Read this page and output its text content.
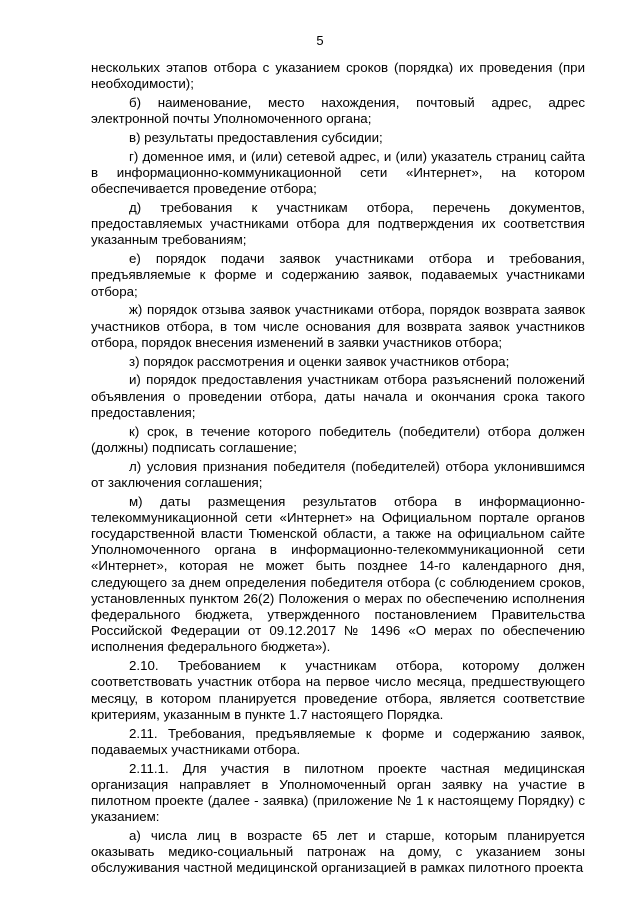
5

нескольких этапов отбора с указанием сроков (порядка) их проведения (при необходимости);

б) наименование, место нахождения, почтовый адрес, адрес электронной почты Уполномоченного органа;

в) результаты предоставления субсидии;

г) доменное имя, и (или) сетевой адрес, и (или) указатель страниц сайта в информационно-коммуникационной сети «Интернет», на котором обеспечивается проведение отбора;

д) требования к участникам отбора, перечень документов, предоставляемых участниками отбора для подтверждения их соответствия указанным требованиям;

е) порядок подачи заявок участниками отбора и требования, предъявляемые к форме и содержанию заявок, подаваемых участниками отбора;

ж) порядок отзыва заявок участниками отбора, порядок возврата заявок участников отбора, в том числе основания для возврата заявок участников отбора, порядок внесения изменений в заявки участников отбора;

з) порядок рассмотрения и оценки заявок участников отбора;

и) порядок предоставления участникам отбора разъяснений положений объявления о проведении отбора, даты начала и окончания срока такого предоставления;

к) срок, в течение которого победитель (победители) отбора должен (должны) подписать соглашение;

л) условия признания победителя (победителей) отбора уклонившимся от заключения соглашения;

м) даты размещения результатов отбора в информационно-телекоммуникационной сети «Интернет» на Официальном портале органов государственной власти Тюменской области, а также на официальном сайте Уполномоченного органа в информационно-телекоммуникационной сети «Интернет», которая не может быть позднее 14-го календарного дня, следующего за днем определения победителя отбора (с соблюдением сроков, установленных пунктом 26(2) Положения о мерах по обеспечению исполнения федерального бюджета, утвержденного постановлением Правительства Российской Федерации от 09.12.2017 № 1496 «О мерах по обеспечению исполнения федерального бюджета»).

2.10. Требованием к участникам отбора, которому должен соответствовать участник отбора на первое число месяца, предшествующего месяцу, в котором планируется проведение отбора, является соответствие критериям, указанным в пункте 1.7 настоящего Порядка.

2.11. Требования, предъявляемые к форме и содержанию заявок, подаваемых участниками отбора.

2.11.1. Для участия в пилотном проекте частная медицинская организация направляет в Уполномоченный орган заявку на участие в пилотном проекте (далее - заявка) (приложение № 1 к настоящему Порядку) с указанием:

а) числа лиц в возрасте 65 лет и старше, которым планируется оказывать медико-социальный патронаж на дому, с указанием зоны обслуживания частной медицинской организацией в рамках пилотного проекта
